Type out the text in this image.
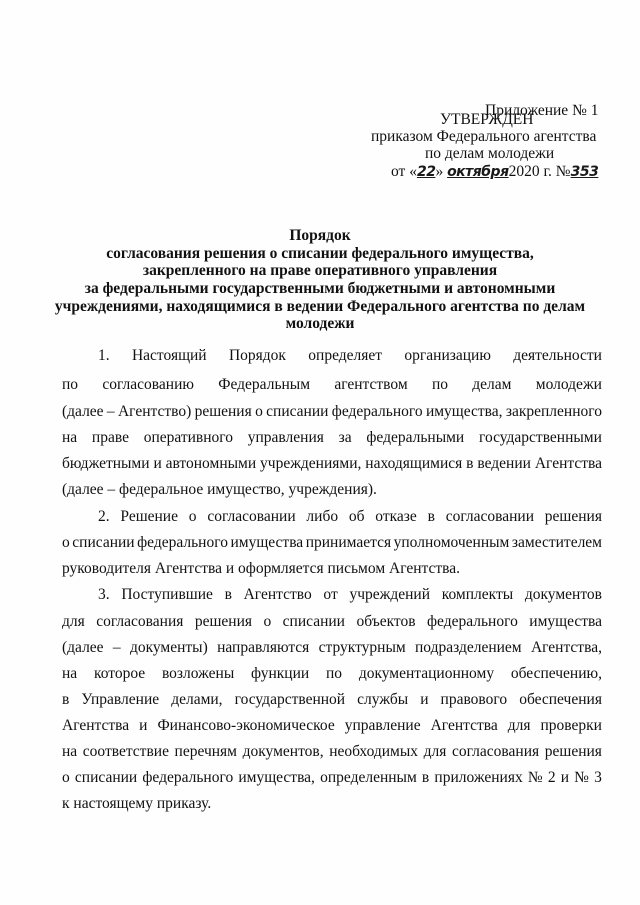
Приложение № 1
УТВЕРЖДЕН
приказом Федерального агентства
по делам молодежи
от «22» октября2020 г. №353
Порядок
согласования решения о списании федерального имущества,
закрепленного на праве оперативного управления
за федеральными государственными бюджетными и автономными
учреждениями, находящимися в ведении Федерального агентства по делам
молодежи
1. Настоящий Порядок определяет организацию деятельности
по согласованию Федеральным агентством по делам молодежи
(далее – Агентство) решения о списании федерального имущества, закрепленного
на праве оперативного управления за федеральными государственными
бюджетными и автономными учреждениями, находящимися в ведении Агентства
(далее – федеральное имущество, учреждения).
2. Решение о согласовании либо об отказе в согласовании решения
о списании федерального имущества принимается уполномоченным заместителем
руководителя Агентства и оформляется письмом Агентства.
3. Поступившие в Агентство от учреждений комплекты документов
для согласования решения о списании объектов федерального имущества
(далее – документы) направляются структурным подразделением Агентства,
на которое возложены функции по документационному обеспечению,
в Управление делами, государственной службы и правового обеспечения
Агентства и Финансово-экономическое управление Агентства для проверки
на соответствие перечням документов, необходимых для согласования решения
о списании федерального имущества, определенным в приложениях № 2 и № 3
к настоящему приказу.
